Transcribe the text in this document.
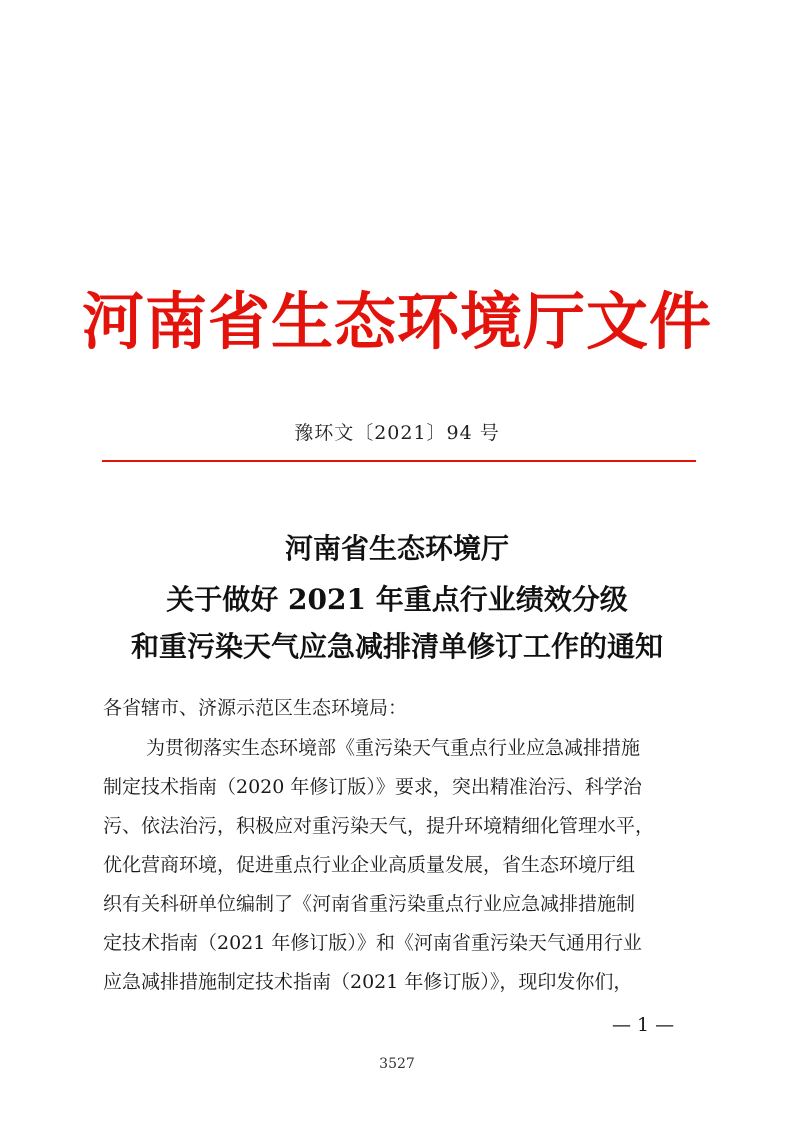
河南省生态环境厅文件
豫环文〔2021〕94 号
河南省生态环境厅
关于做好 2021 年重点行业绩效分级
和重污染天气应急减排清单修订工作的通知
各省辖市、济源示范区生态环境局：
为贯彻落实生态环境部《重污染天气重点行业应急减排措施
制定技术指南（2020 年修订版）》要求，突出精准治污、科学治
污、依法治污，积极应对重污染天气，提升环境精细化管理水平，
优化营商环境，促进重点行业企业高质量发展，省生态环境厅组
织有关科研单位编制了《河南省重污染重点行业应急减排措施制
定技术指南（2021 年修订版）》和《河南省重污染天气通用行业
应急减排措施制定技术指南（2021 年修订版）》，现印发你们，
— 1 —
3527
